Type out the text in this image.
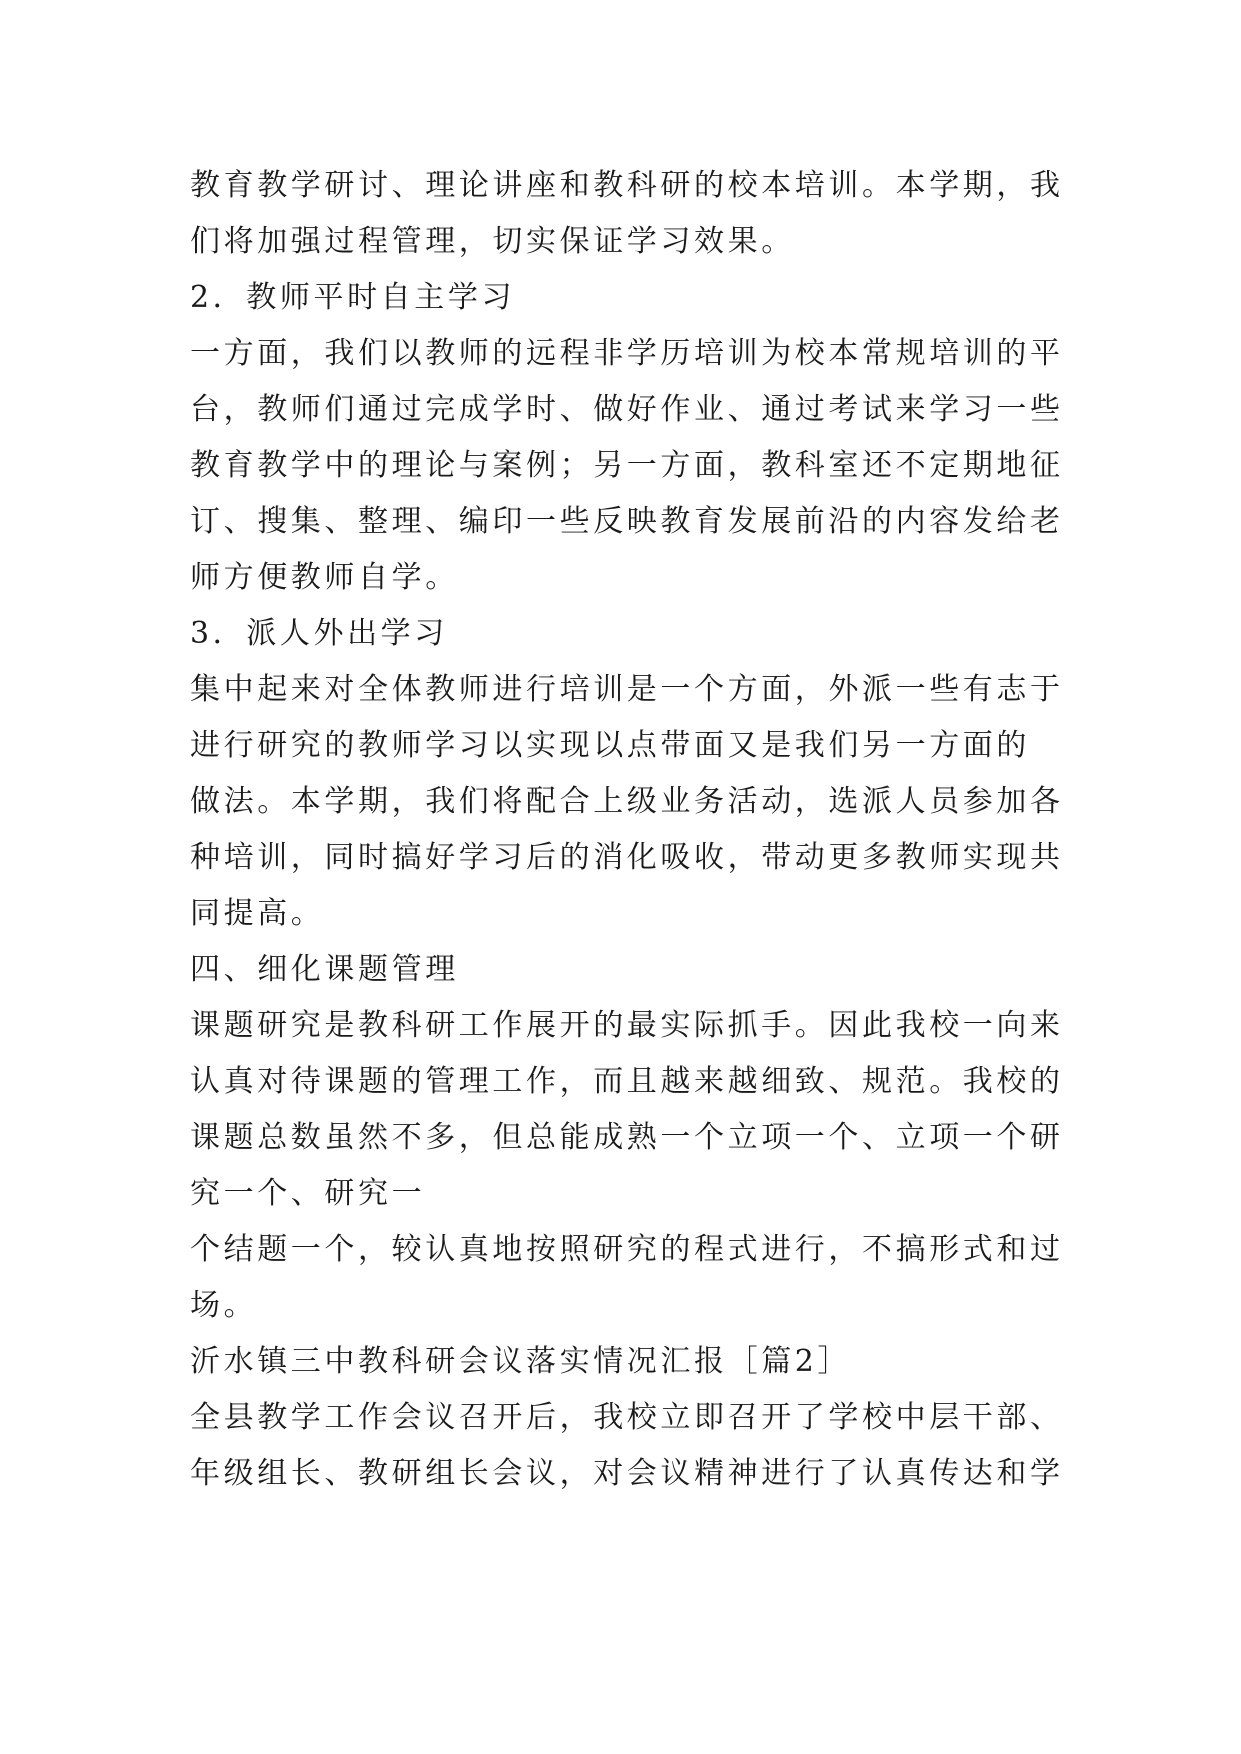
教育教学研讨、理论讲座和教科研的校本培训。本学期，我
们将加强过程管理，切实保证学习效果。
2．教师平时自主学习
一方面，我们以教师的远程非学历培训为校本常规培训的平
台，教师们通过完成学时、做好作业、通过考试来学习一些
教育教学中的理论与案例；另一方面，教科室还不定期地征
订、搜集、整理、编印一些反映教育发展前沿的内容发给老
师方便教师自学。
3．派人外出学习
集中起来对全体教师进行培训是一个方面，外派一些有志于
进行研究的教师学习以实现以点带面又是我们另一方面的
做法。本学期，我们将配合上级业务活动，选派人员参加各
种培训，同时搞好学习后的消化吸收，带动更多教师实现共
同提高。
四、细化课题管理
课题研究是教科研工作展开的最实际抓手。因此我校一向来
认真对待课题的管理工作，而且越来越细致、规范。我校的
课题总数虽然不多，但总能成熟一个立项一个、立项一个研
究一个、研究一
个结题一个，较认真地按照研究的程式进行，不搞形式和过
场。
沂水镇三中教科研会议落实情况汇报［篇2］
全县教学工作会议召开后，我校立即召开了学校中层干部、
年级组长、教研组长会议，对会议精神进行了认真传达和学
